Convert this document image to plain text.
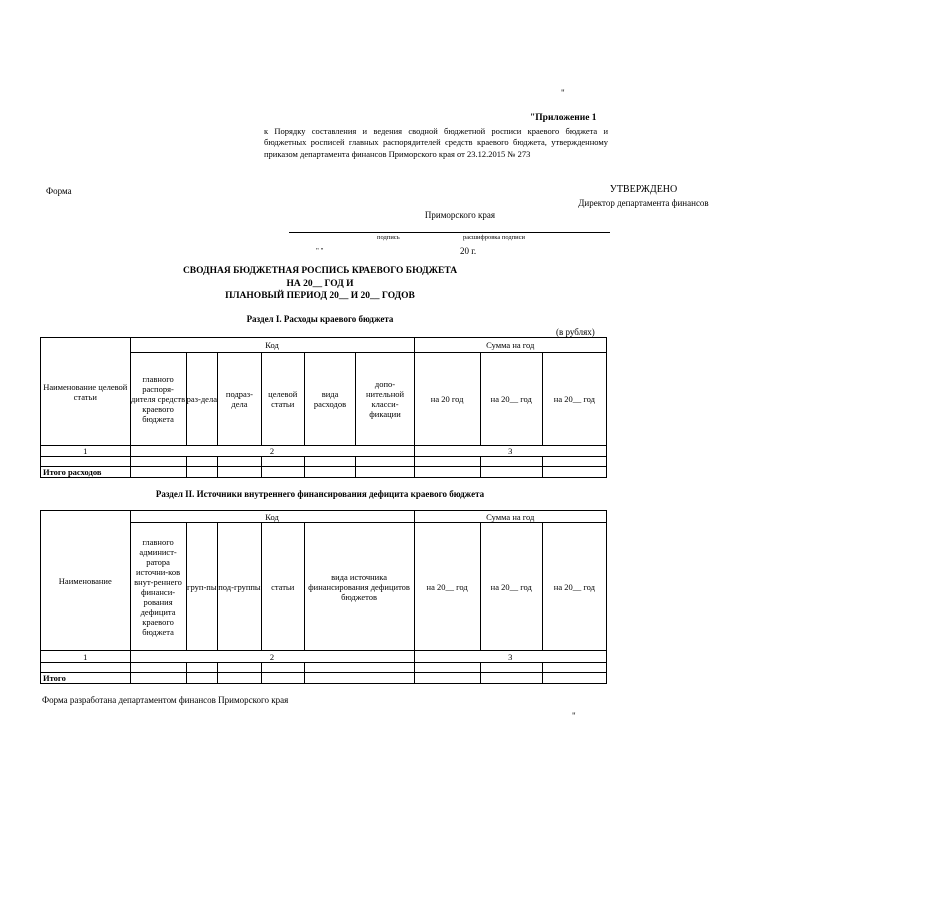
"
"Приложение 1
к Порядку составления и ведения сводной бюджетной росписи краевого бюджета и бюджетных росписей главных распорядителей средств краевого бюджета, утвержденному приказом департамента финансов Приморского края от 23.12.2015 № 273
Форма	УТВЕРЖДЕНО
Директор департамента финансов
Приморского края
подпись	расшифровка подписи
" "	20 г.
СВОДНАЯ БЮДЖЕТНАЯ РОСПИСЬ КРАЕВОГО БЮДЖЕТА
НА 20__ ГОД И
ПЛАНОВЫЙ ПЕРИОД 20__ И 20__ ГОДОВ
Раздел I. Расходы краевого бюджета
(в рублях)
Наименование целевой статьи	Код						Сумма на год		
	главного распоря-дителя средств краевого бюджета	раз-дела	подраз-дела	целевой статьи	вида расходов	допо-нительной класси-фикации	на 20 год	на 20__ год	на 20__ год
1	2						3		

Итого расходов									
Раздел II. Источники внутреннего финансирования дефицита краевого бюджета
Наименование	Код					Сумма на год		
	главного админист-ратора источни-ков внут-реннего финанси-рования дефицита краевого бюджета	груп-пы	под-группы	статьи	вида источника финансирования дефицитов бюджетов	на 20__ год	на 20__ год	на 20__ год
1	2					3		

Итого								
Форма разработана департаментом финансов Приморского края
"
